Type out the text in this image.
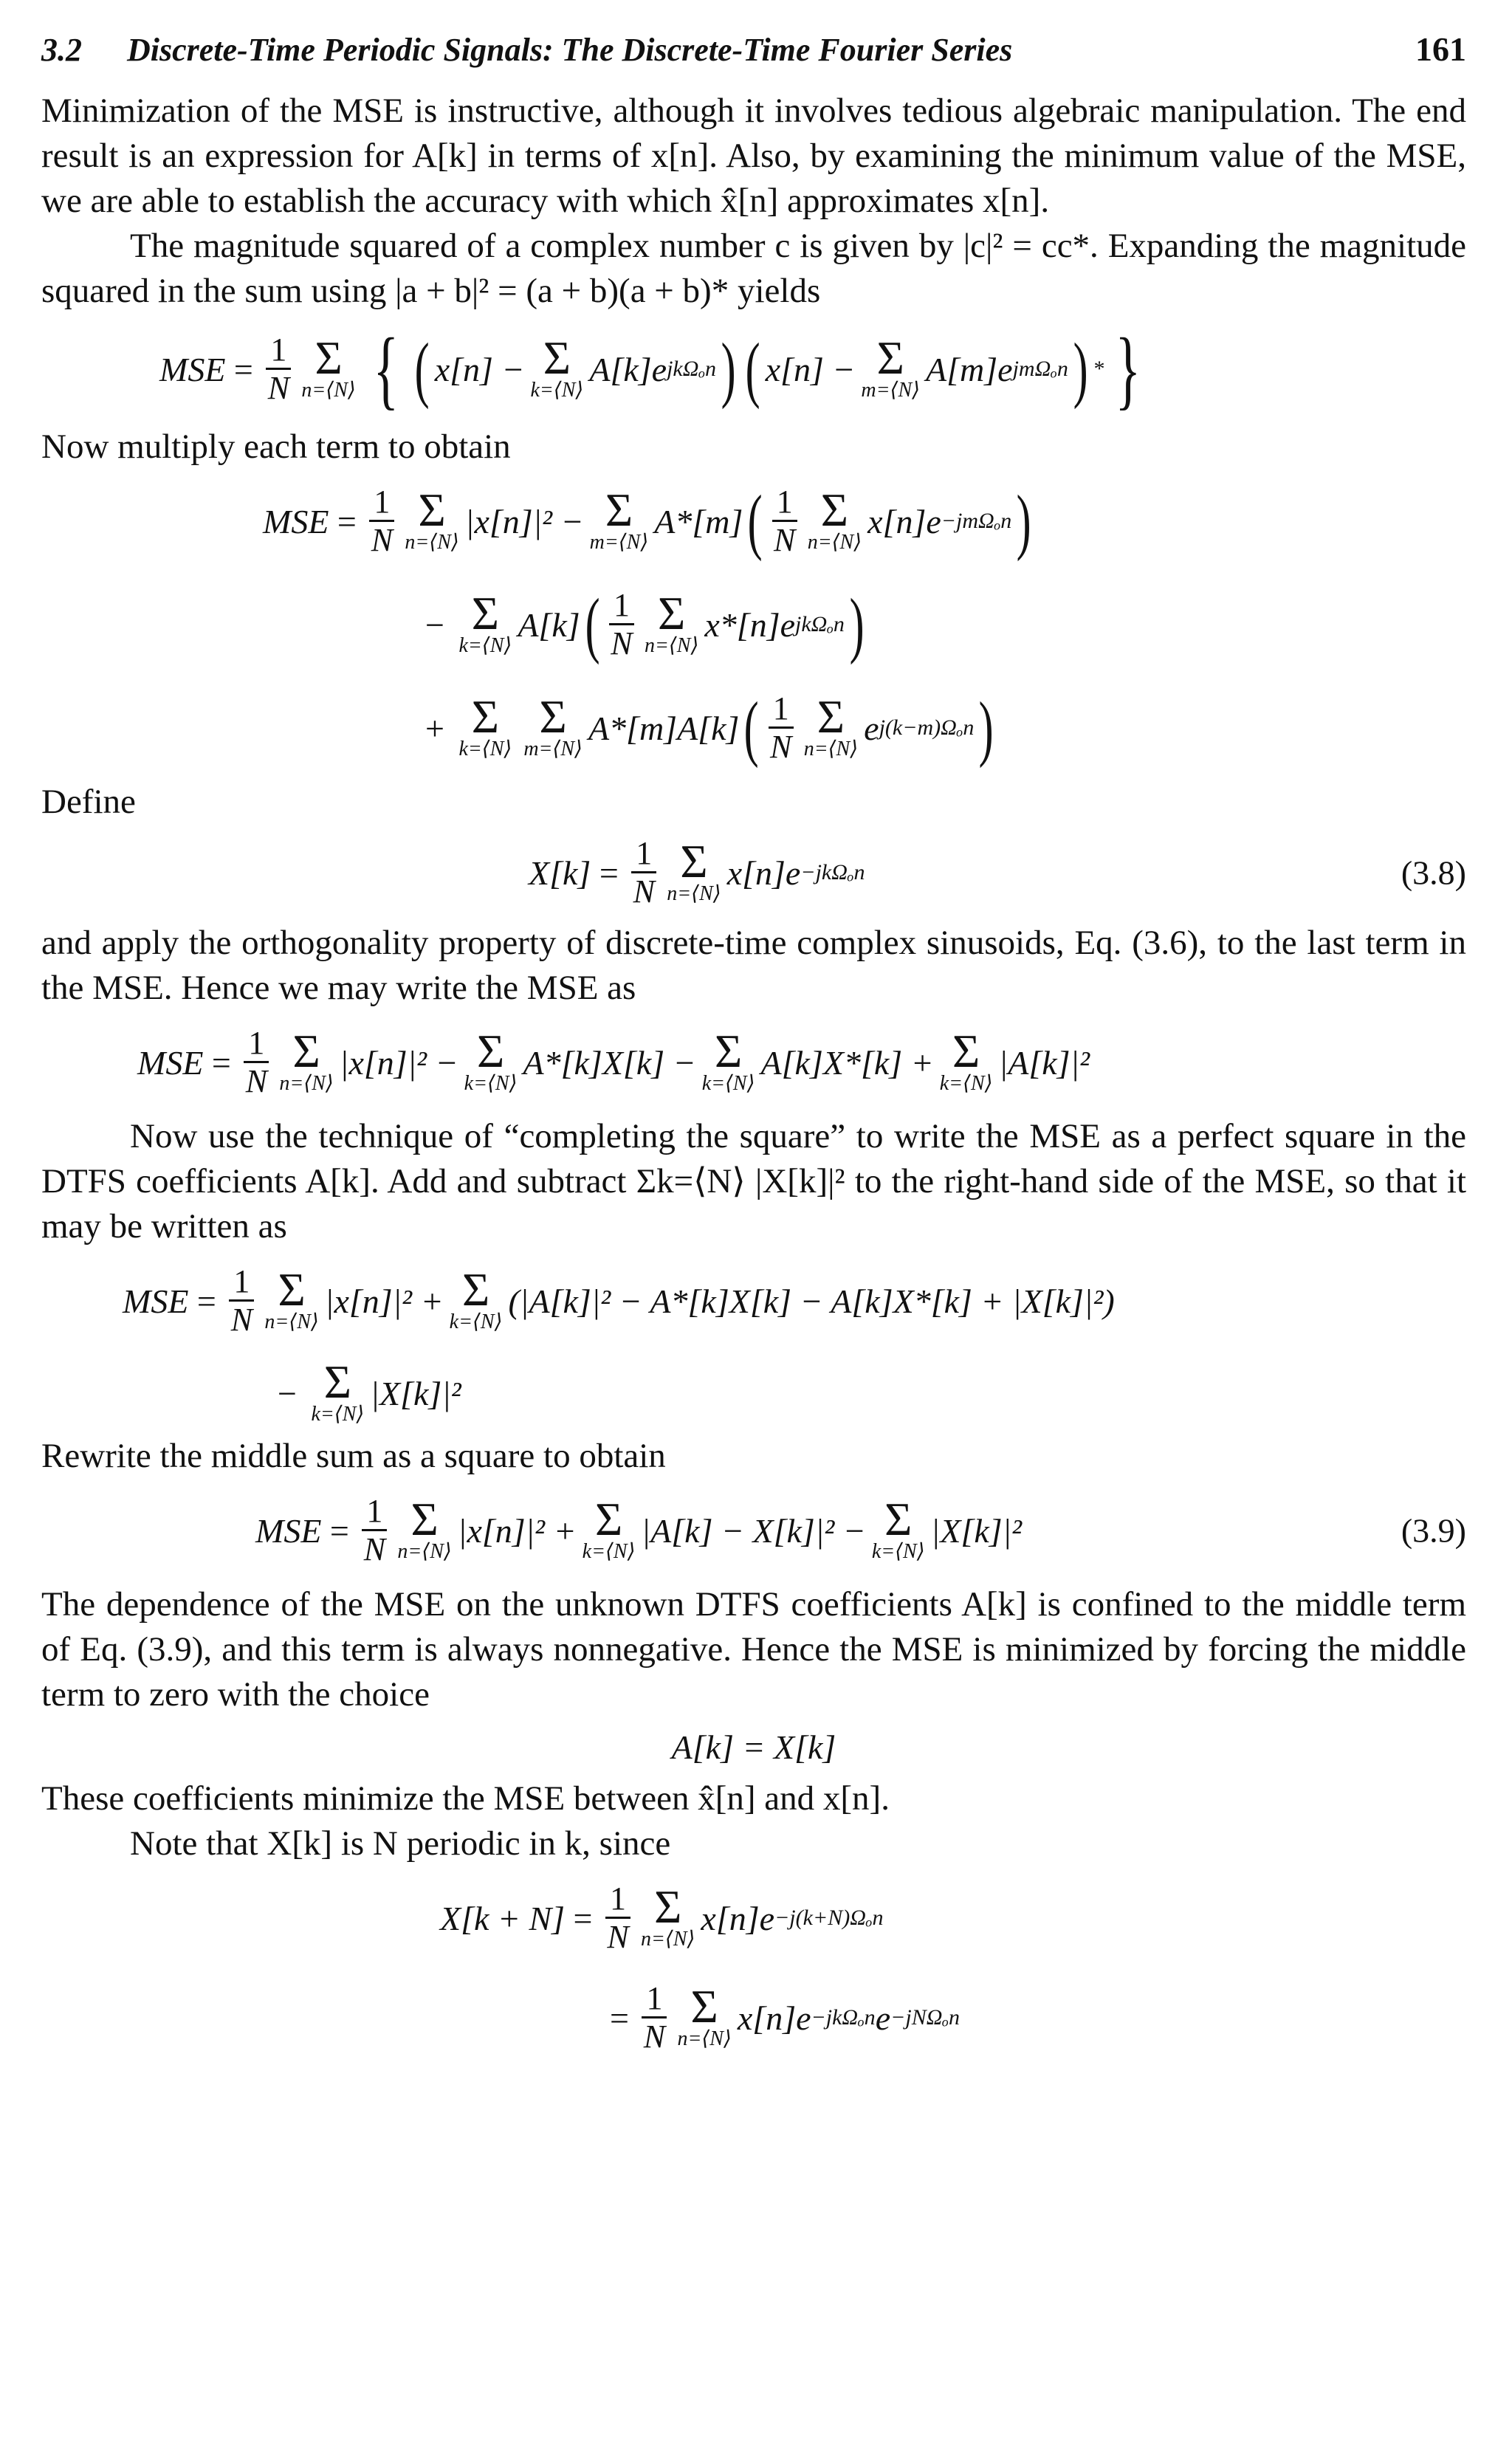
3.2	Discrete-Time Periodic Signals: The Discrete-Time Fourier Series	161

Minimization of the MSE is instructive, although it involves tedious algebraic manipulation. The end result is an expression for A[k] in terms of x[n]. Also, by examining the minimum value of the MSE, we are able to establish the accuracy with which x̂[n] approximates x[n].

The magnitude squared of a complex number c is given by |c|² = cc*. Expanding the magnitude squared in the sum using |a + b|² = (a + b)(a + b)* yields

MSE = $\frac{1}{N}$ Σ
n=⟨N⟩ { ( x[n] − Σ
k=⟨N⟩
A[k]e jkΩₒn ) ( x[n] − Σ
m=⟨N⟩
A[m]e jmΩₒn ) * }

Now multiply each term to obtain

MSE = $\frac{1}{N}$ Σ
n=⟨N⟩
|x[n]|² − Σ
m=⟨N⟩
A*[m] ( $\frac{1}{N}$ Σ
n=⟨N⟩
x[n]e −jmΩₒn )
− Σ
k=⟨N⟩
A[k] ( $\frac{1}{N}$ Σ
n=⟨N⟩
x*[n]e jkΩₒn )
+ Σ
k=⟨N⟩
Σ
m=⟨N⟩
A*[m]A[k] ( $\frac{1}{N}$ Σ
n=⟨N⟩
e j(k−m)Ωₒn )

Define

$X[k] = \frac{1}{N}$ Σ
n=⟨N⟩
x[n]e −jkΩₒn	(3.8)

and apply the orthogonality property of discrete-time complex sinusoids, Eq. (3.6), to the last term in the MSE. Hence we may write the MSE as

MSE = $\frac{1}{N}$ Σ
n=⟨N⟩
|x[n]|² − Σ
k=⟨N⟩
A*[k]X[k] − Σ
k=⟨N⟩
A[k]X*[k] + Σ
k=⟨N⟩
|A[k]|²

Now use the technique of “completing the square” to write the MSE as a perfect square in the DTFS coefficients A[k]. Add and subtract Σk=⟨N⟩ |X[k]|² to the right-hand side of the MSE, so that it may be written as

MSE = $\frac{1}{N}$ Σ
n=⟨N⟩
|x[n]|² + Σ
k=⟨N⟩
(|A[k]|² − A*[k]X[k] − A[k]X*[k] + |X[k]|²)
− Σ
k=⟨N⟩
|X[k]|²

Rewrite the middle sum as a square to obtain

MSE = $\frac{1}{N}$ Σ
n=⟨N⟩
|x[n]|² + Σ
k=⟨N⟩
|A[k] − X[k]|² − Σ
k=⟨N⟩
|X[k]|²	(3.9)

The dependence of the MSE on the unknown DTFS coefficients A[k] is confined to the middle term of Eq. (3.9), and this term is always nonnegative. Hence the MSE is minimized by forcing the middle term to zero with the choice

A[k] = X[k]

These coefficients minimize the MSE between x̂[n] and x[n].

Note that X[k] is N periodic in k, since

$X[k + N] = \frac{1}{N}$ Σ
n=⟨N⟩
x[n]e −j(k+N)Ωₒn
= $\frac{1}{N}$ Σ
n=⟨N⟩
x[n]e −jkΩₒn e −jNΩₒn
